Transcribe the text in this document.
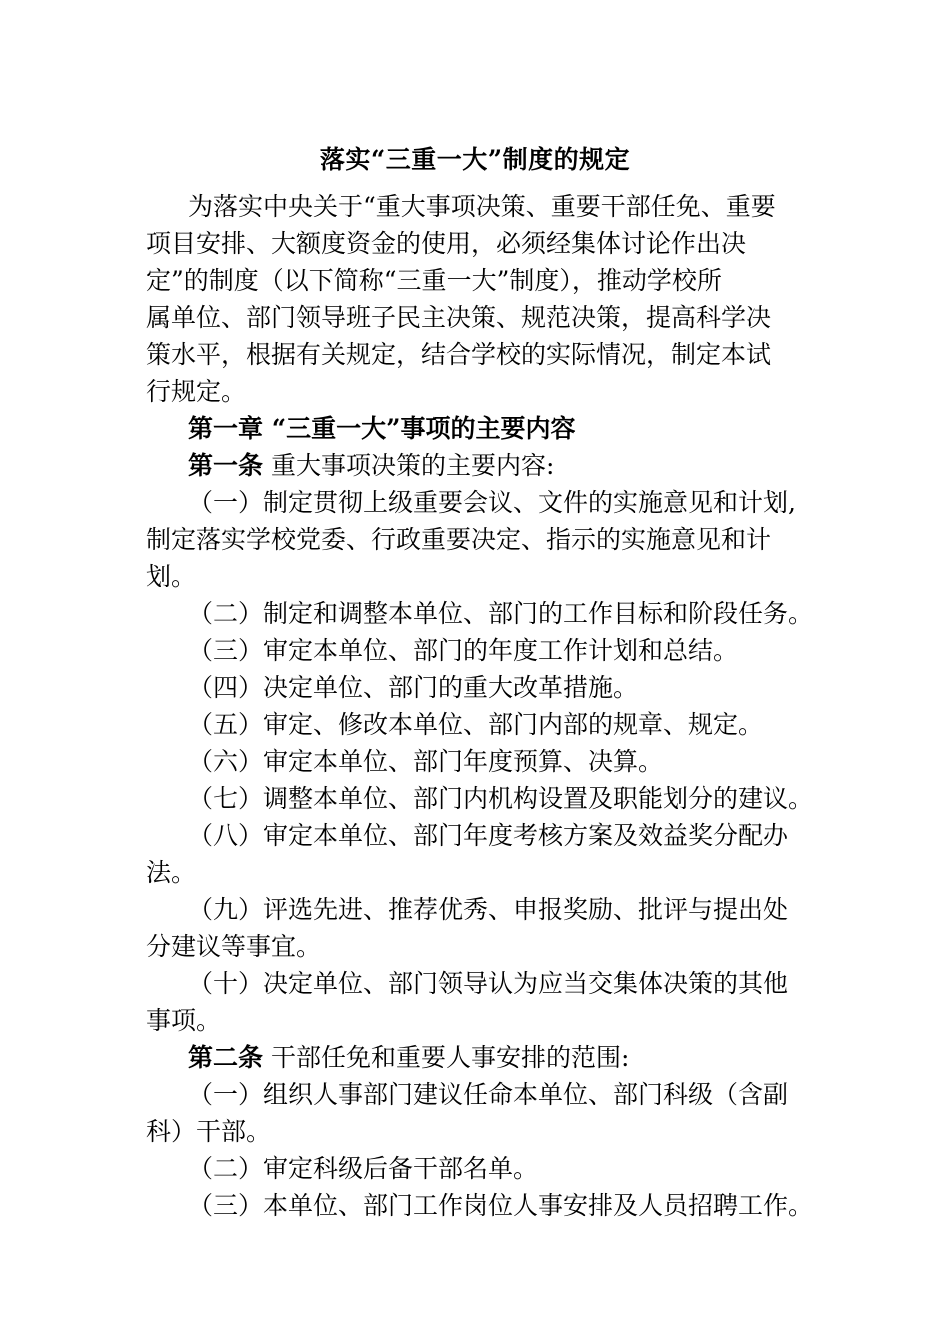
落实“三重一大”制度的规定
为落实中央关于“重大事项决策、重要干部任免、重要
项目安排、大额度资金的使用，必须经集体讨论作出决
定”的制度（以下简称“三重一大”制度），推动学校所
属单位、部门领导班子民主决策、规范决策，提高科学决
策水平，根据有关规定，结合学校的实际情况，制定本试
行规定。
第一章 “三重一大”事项的主要内容
第一条 重大事项决策的主要内容:
（一）制定贯彻上级重要会议、文件的实施意见和计划,
制定落实学校党委、行政重要决定、指示的实施意见和计
划。
（二）制定和调整本单位、部门的工作目标和阶段任务。
（三）审定本单位、部门的年度工作计划和总结。
（四）决定单位、部门的重大改革措施。
（五）审定、修改本单位、部门内部的规章、规定。
（六）审定本单位、部门年度预算、决算。
（七）调整本单位、部门内机构设置及职能划分的建议。
（八）审定本单位、部门年度考核方案及效益奖分配办
法。
（九）评选先进、推荐优秀、申报奖励、批评与提出处
分建议等事宜。
（十）决定单位、部门领导认为应当交集体决策的其他
事项。
第二条 干部任免和重要人事安排的范围:
（一）组织人事部门建议任命本单位、部门科级（含副
科）干部。
（二）审定科级后备干部名单。
（三）本单位、部门工作岗位人事安排及人员招聘工作。
